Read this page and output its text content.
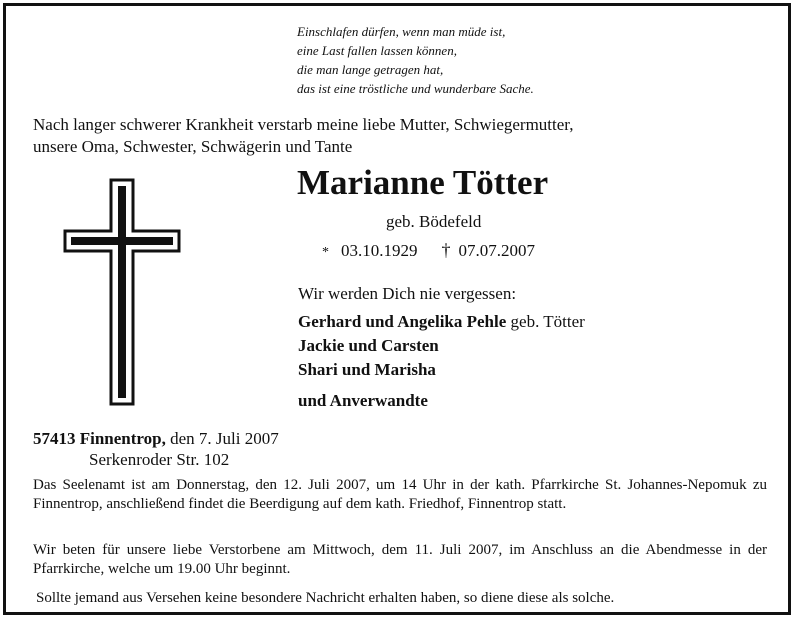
Einschlafen dürfen, wenn man müde ist,
eine Last fallen lassen können,
die man lange getragen hat,
das ist eine tröstliche und wunderbare Sache.
Nach langer schwerer Krankheit verstarb meine liebe Mutter, Schwiegermutter,
unsere Oma, Schwester, Schwägerin und Tante
Marianne Tötter
geb. Bödefeld
* 03.10.1929 † 07.07.2007
Wir werden Dich nie vergessen:
Gerhard und Angelika Pehle geb. Tötter
Jackie und Carsten
Shari und Marisha
und Anverwandte
57413 Finnentrop, den 7. Juli 2007
Serkenroder Str. 102
Das Seelenamt ist am Donnerstag, den 12. Juli 2007, um 14 Uhr in der kath. Pfarrkirche St. Johannes-Nepomuk zu Finnentrop, anschließend findet die Beerdigung auf dem kath. Friedhof, Finnentrop statt.
Wir beten für unsere liebe Verstorbene am Mittwoch, dem 11. Juli 2007, im Anschluss an die Abendmesse in der Pfarrkirche, welche um 19.00 Uhr beginnt.
Sollte jemand aus Versehen keine besondere Nachricht erhalten haben, so diene diese als solche.
